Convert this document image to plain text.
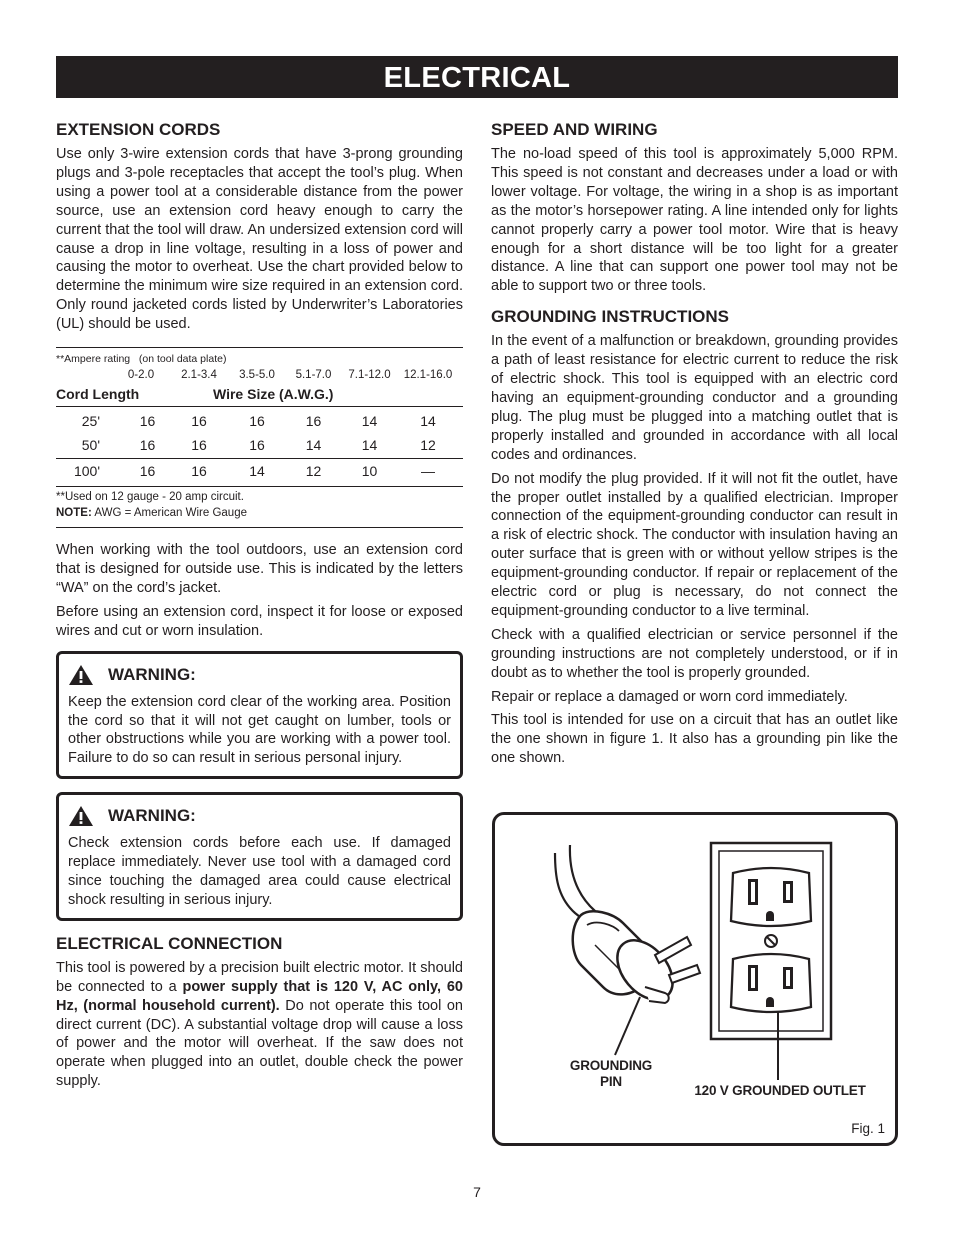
ELECTRICAL
EXTENSION CORDS

Use only 3-wire extension cords that have 3-prong grounding plugs and 3-pole receptacles that accept the tool’s plug. When using a power tool at a considerable distance from the power source, use an extension cord heavy enough to carry the current that the tool will draw. An undersized extension cord will cause a drop in line voltage, resulting in a loss of power and causing the motor to overheat. Use the chart provided below to determine the minimum wire size required in an extension cord. Only round jacketed cords listed by Underwriter’s Laboratories (UL) should be used.

**Ampere rating (on tool data plate)
0-2.0	2.1-3.4	3.5-5.0	5.1-7.0	7.1-12.0	12.1-16.0
Cord Length	Wire Size (A.W.G.)
25'	16	16	16	16	14	14
50'	16	16	16	14	14	12
100'	16	16	14	12	10	—
**Used on 12 gauge - 20 amp circuit.
NOTE: AWG = American Wire Gauge

When working with the tool outdoors, use an extension cord that is designed for outside use. This is indicated by the letters “WA” on the cord’s jacket.

Before using an extension cord, inspect it for loose or exposed wires and cut or worn insulation.

WARNING:

Keep the extension cord clear of the working area. Position the cord so that it will not get caught on lumber, tools or other obstructions while you are working with a power tool. Failure to do so can result in serious personal injury.

WARNING:

Check extension cords before each use. If damaged replace immediately. Never use tool with a damaged cord since touching the damaged area could cause electrical shock resulting in serious injury.

ELECTRICAL CONNECTION

This tool is powered by a precision built electric motor. It should be connected to a power supply that is 120 V, AC only, 60 Hz, (normal household current). Do not operate this tool on direct current (DC). A substantial voltage drop will cause a loss of power and the motor will overheat. If the saw does not operate when plugged into an outlet, double check the power supply.

SPEED AND WIRING

The no-load speed of this tool is approximately 5,000 RPM. This speed is not constant and decreases under a load or with lower voltage. For voltage, the wiring in a shop is as important as the motor’s horsepower rating. A line intended only for lights cannot properly carry a power tool motor. Wire that is heavy enough for a short distance will be too light for a greater distance. A line that can support one power tool may not be able to support two or three tools.

GROUNDING INSTRUCTIONS

In the event of a malfunction or breakdown, grounding provides a path of least resistance for electric current to reduce the risk of electric shock. This tool is equipped with an electric cord having an equipment-grounding conductor and a grounding plug. The plug must be plugged into a matching outlet that is properly installed and grounded in accordance with all local codes and ordinances.

Do not modify the plug provided. If it will not fit the outlet, have the proper outlet installed by a qualified electrician. Improper connection of the equipment-grounding conductor can result in a risk of electric shock. The conductor with insulation having an outer surface that is green with or without yellow stripes is the equipment-grounding conductor. If repair or replacement of the electric cord or plug is necessary, do not connect the equipment-grounding conductor to a live terminal.

Check with a qualified electrician or service personnel if the grounding instructions are not completely understood, or if in doubt as to whether the tool is properly grounded.

Repair or replace a damaged or worn cord immediately.

This tool is intended for use on a circuit that has an outlet like the one shown in figure 1. It also has a grounding pin like the one shown.

GROUNDING
PIN
120 V GROUNDED OUTLET
Fig. 1
7
